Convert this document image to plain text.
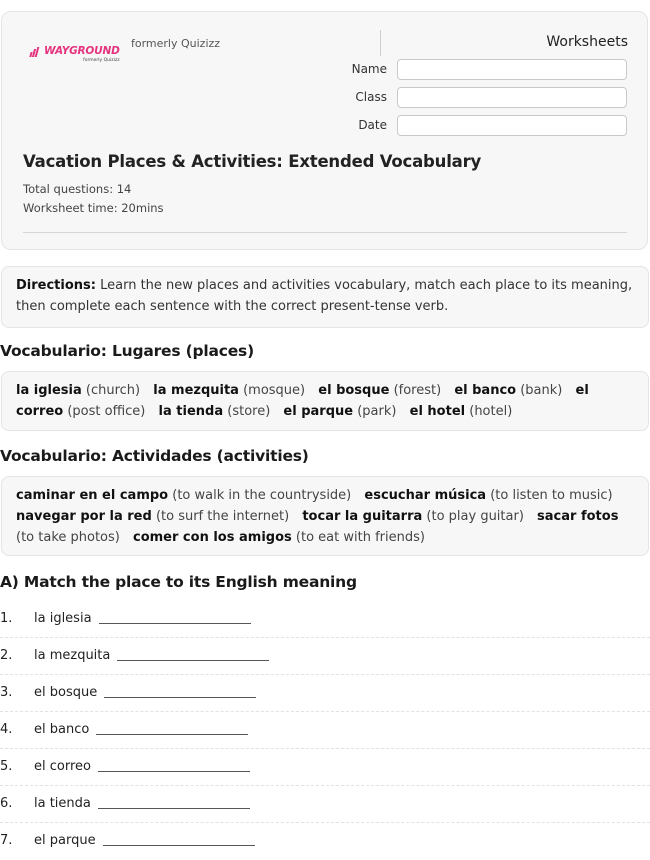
WAYGROUND
formerly Quizizz
formerly Quizizz	Worksheets
Name
Class
Date
Vacation Places & Activities: Extended Vocabulary
Total questions: 14
Worksheet time: 20mins
Directions: Learn the new places and activities vocabulary, match each place to its meaning, then complete each sentence with the correct present-tense verb.
Vocabulario: Lugares (places)
la iglesia (church) la mezquita (mosque) el bosque (forest) el banco (bank) el correo (post office) la tienda (store) el parque (park) el hotel (hotel)
Vocabulario: Actividades (activities)
caminar en el campo (to walk in the countryside) escuchar música (to listen to music) navegar por la red (to surf the internet) tocar la guitarra (to play guitar) sacar fotos (to take photos) comer con los amigos (to eat with friends)
A) Match the place to its English meaning
1. la iglesia
2. la mezquita
3. el bosque
4. el banco
5. el correo
6. la tienda
7. el parque
